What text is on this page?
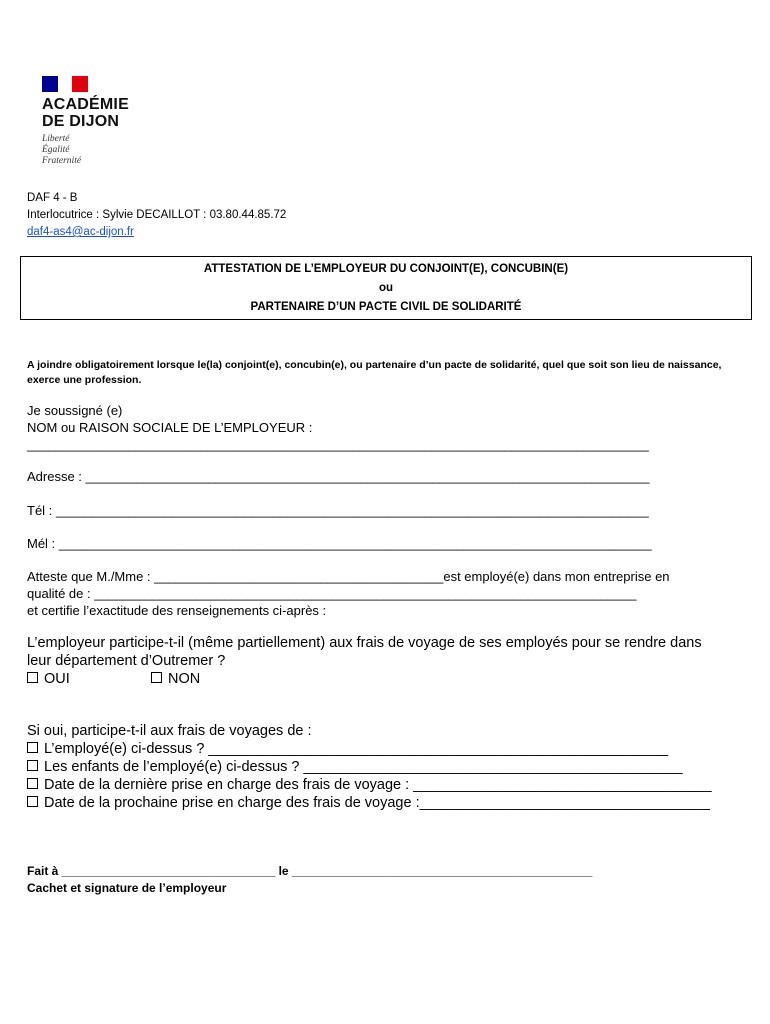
ACADÉMIE
DE DIJON
Liberté
Égalité
Fraternité
DAF 4 - B
Interlocutrice : Sylvie DECAILLOT : 03.80.44.85.72
daf4-as4@ac-dijon.fr
ATTESTATION DE L’EMPLOYEUR DU CONJOINT(E), CONCUBIN(E)
ou
PARTENAIRE D’UN PACTE CIVIL DE SOLIDARITÉ
A joindre obligatoirement lorsque le(la) conjoint(e), concubin(e), ou partenaire d’un pacte de solidarité, quel que soit son lieu de naissance, exerce une profession.
Je soussigné (e)
NOM ou RAISON SOCIALE DE L’EMPLOYEUR :
______________________________________________________________________________________
Adresse : ______________________________________________________________________________
Tél : __________________________________________________________________________________
Mél : __________________________________________________________________________________
Atteste que M./Mme : ________________________________________est employé(e) dans mon entreprise en
qualité de : ___________________________________________________________________________
et certifie l’exactitude des renseignements ci-après :
L’employeur participe-t-il (même partiellement) aux frais de voyage de ses employés pour se rendre dans
leur département d’Outremer ?
OUI	NON
Si oui, participe-t-il aux frais de voyages de :
L’employé(e) ci-dessus ? _________________________________________________________
Les enfants de l’employé(e) ci-dessus ? _______________________________________________
Date de la dernière prise en charge des frais de voyage : _____________________________________
Date de la prochaine prise en charge des frais de voyage :____________________________________
Fait à ________________________________ le _____________________________________________
Cachet et signature de l’employeur
